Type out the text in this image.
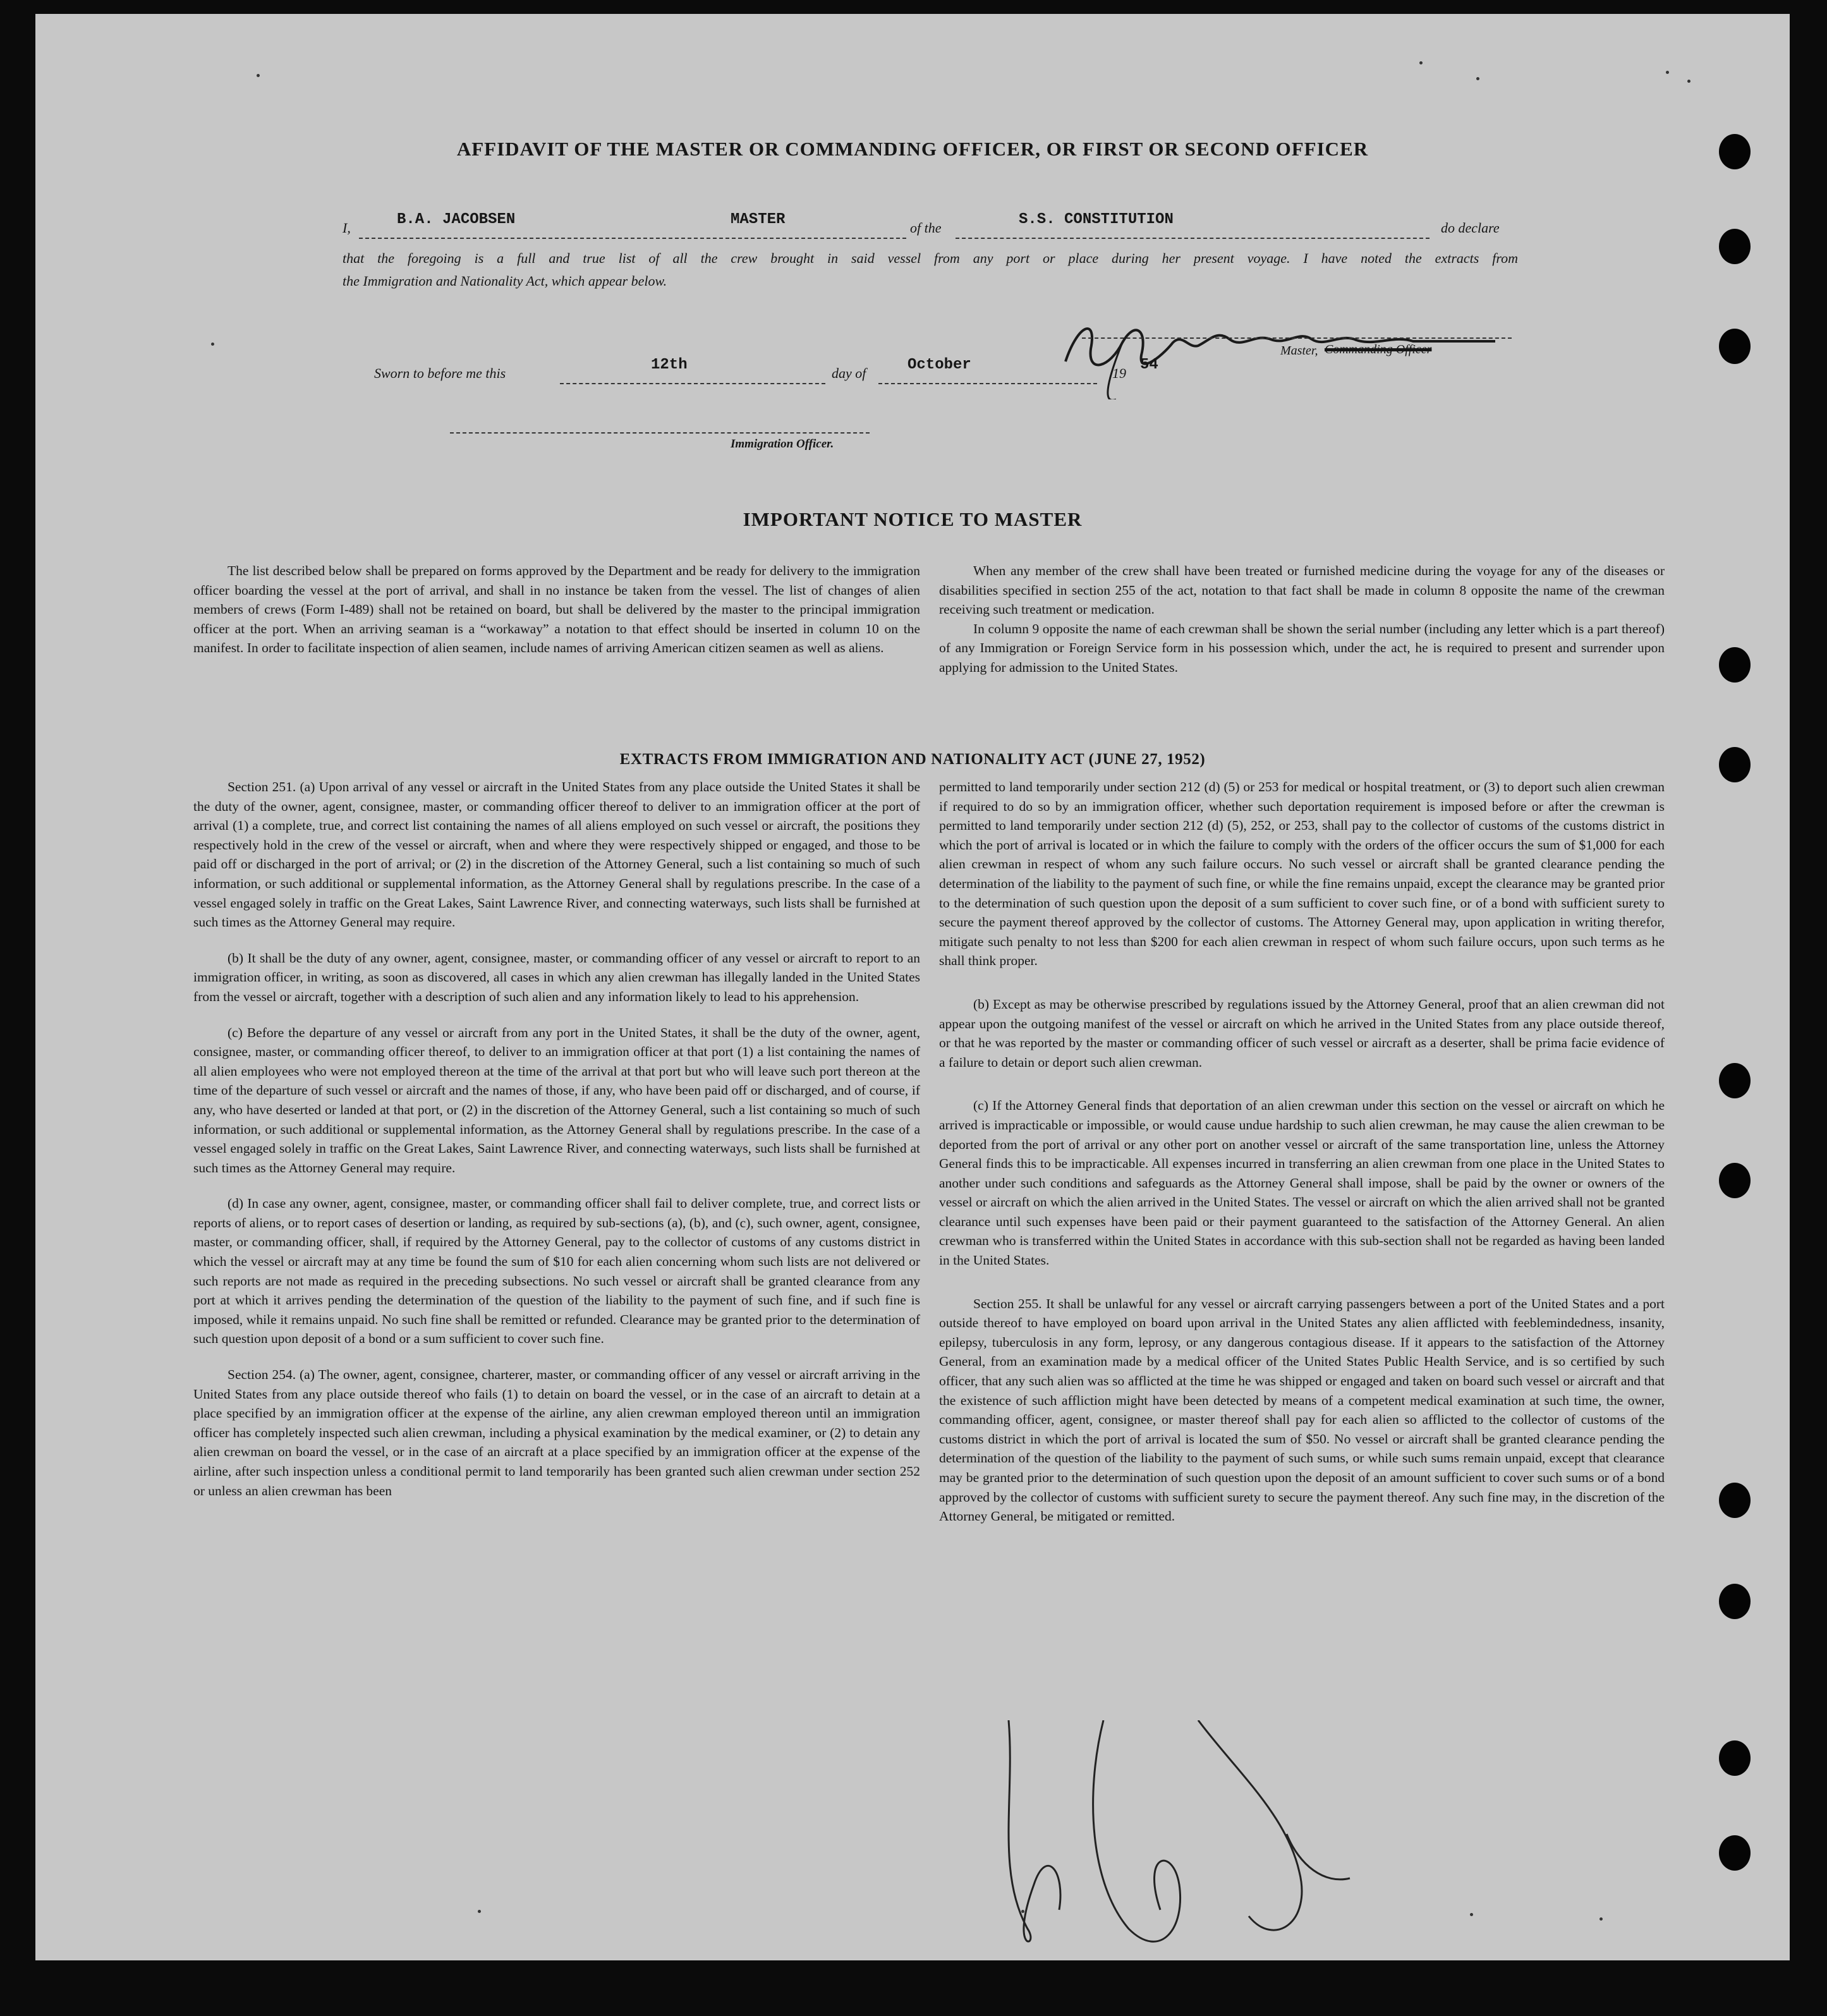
AFFIDAVIT OF THE MASTER OR COMMANDING OFFICER, OR FIRST OR SECOND OFFICER
I,	B.A. JACOBSEN	MASTER	of the	S.S. CONSTITUTION	do declare
that the foregoing is a full and true list of all the crew brought in said vessel from any port or place during her present voyage. I have noted the extracts from
the Immigration and Nationality Act, which appear below.
Master, Commanding Officer
Sworn to before me this	12th	day of	October	19 54
Immigration Officer.
IMPORTANT NOTICE TO MASTER

The list described below shall be prepared on forms approved by the Department and be ready for delivery to the immigration officer boarding the vessel at the port of arrival, and shall in no instance be taken from the vessel. The list of changes of alien members of crews (Form I-489) shall not be retained on board, but shall be delivered by the master to the principal immigration officer at the port. When an arriving seaman is a “workaway” a notation to that effect should be inserted in column 10 on the manifest. In order to facilitate inspection of alien seamen, include names of arriving American citizen seamen as well as aliens.

When any member of the crew shall have been treated or furnished medicine during the voyage for any of the diseases or disabilities specified in section 255 of the act, notation to that fact shall be made in column 8 opposite the name of the crewman receiving such treatment or medication.

In column 9 opposite the name of each crewman shall be shown the serial number (including any letter which is a part thereof) of any Immigration or Foreign Service form in his possession which, under the act, he is required to present and surrender upon applying for admission to the United States.

EXTRACTS FROM IMMIGRATION AND NATIONALITY ACT (JUNE 27, 1952)

Section 251. (a) Upon arrival of any vessel or aircraft in the United States from any place outside the United States it shall be the duty of the owner, agent, consignee, master, or commanding officer thereof to deliver to an immigration officer at the port of arrival (1) a complete, true, and correct list containing the names of all aliens employed on such vessel or aircraft, the positions they respectively hold in the crew of the vessel or aircraft, when and where they were respectively shipped or engaged, and those to be paid off or discharged in the port of arrival; or (2) in the discretion of the Attorney General, such a list containing so much of such information, or such additional or supplemental information, as the Attorney General shall by regulations prescribe. In the case of a vessel engaged solely in traffic on the Great Lakes, Saint Lawrence River, and connecting waterways, such lists shall be furnished at such times as the Attorney General may require.

(b) It shall be the duty of any owner, agent, consignee, master, or commanding officer of any vessel or aircraft to report to an immigration officer, in writing, as soon as discovered, all cases in which any alien crewman has illegally landed in the United States from the vessel or aircraft, together with a description of such alien and any information likely to lead to his apprehension.

(c) Before the departure of any vessel or aircraft from any port in the United States, it shall be the duty of the owner, agent, consignee, master, or commanding officer thereof, to deliver to an immigration officer at that port (1) a list containing the names of all alien employees who were not employed thereon at the time of the arrival at that port but who will leave such port thereon at the time of the departure of such vessel or aircraft and the names of those, if any, who have been paid off or discharged, and of course, if any, who have deserted or landed at that port, or (2) in the discretion of the Attorney General, such a list containing so much of such information, or such additional or supplemental information, as the Attorney General shall by regulations prescribe. In the case of a vessel engaged solely in traffic on the Great Lakes, Saint Lawrence River, and connecting waterways, such lists shall be furnished at such times as the Attorney General may require.

(d) In case any owner, agent, consignee, master, or commanding officer shall fail to deliver complete, true, and correct lists or reports of aliens, or to report cases of desertion or landing, as required by sub-sections (a), (b), and (c), such owner, agent, consignee, master, or commanding officer, shall, if required by the Attorney General, pay to the collector of customs of any customs district in which the vessel or aircraft may at any time be found the sum of $10 for each alien concerning whom such lists are not delivered or such reports are not made as required in the preceding subsections. No such vessel or aircraft shall be granted clearance from any port at which it arrives pending the determination of the question of the liability to the payment of such fine, and if such fine is imposed, while it remains unpaid. No such fine shall be remitted or refunded. Clearance may be granted prior to the determination of such question upon deposit of a bond or a sum sufficient to cover such fine.

Section 254. (a) The owner, agent, consignee, charterer, master, or commanding officer of any vessel or aircraft arriving in the United States from any place outside thereof who fails (1) to detain on board the vessel, or in the case of an aircraft to detain at a place specified by an immigration officer at the expense of the airline, any alien crewman employed thereon until an immigration officer has completely inspected such alien crewman, including a physical examination by the medical examiner, or (2) to detain any alien crewman on board the vessel, or in the case of an aircraft at a place specified by an immigration officer at the expense of the airline, after such inspection unless a conditional permit to land temporarily has been granted such alien crewman under section 252 or unless an alien crewman has been

permitted to land temporarily under section 212 (d) (5) or 253 for medical or hospital treatment, or (3) to deport such alien crewman if required to do so by an immigration officer, whether such deportation requirement is imposed before or after the crewman is permitted to land temporarily under section 212 (d) (5), 252, or 253, shall pay to the collector of customs of the customs district in which the port of arrival is located or in which the failure to comply with the orders of the officer occurs the sum of $1,000 for each alien crewman in respect of whom any such failure occurs. No such vessel or aircraft shall be granted clearance pending the determination of the liability to the payment of such fine, or while the fine remains unpaid, except the clearance may be granted prior to the determination of such question upon the deposit of a sum sufficient to cover such fine, or of a bond with sufficient surety to secure the payment thereof approved by the collector of customs. The Attorney General may, upon application in writing therefor, mitigate such penalty to not less than $200 for each alien crewman in respect of whom such failure occurs, upon such terms as he shall think proper.

(b) Except as may be otherwise prescribed by regulations issued by the Attorney General, proof that an alien crewman did not appear upon the outgoing manifest of the vessel or aircraft on which he arrived in the United States from any place outside thereof, or that he was reported by the master or commanding officer of such vessel or aircraft as a deserter, shall be prima facie evidence of a failure to detain or deport such alien crewman.

(c) If the Attorney General finds that deportation of an alien crewman under this section on the vessel or aircraft on which he arrived is impracticable or impossible, or would cause undue hardship to such alien crewman, he may cause the alien crewman to be deported from the port of arrival or any other port on another vessel or aircraft of the same transportation line, unless the Attorney General finds this to be impracticable. All expenses incurred in transferring an alien crewman from one place in the United States to another under such conditions and safeguards as the Attorney General shall impose, shall be paid by the owner or owners of the vessel or aircraft on which the alien arrived in the United States. The vessel or aircraft on which the alien arrived shall not be granted clearance until such expenses have been paid or their payment guaranteed to the satisfaction of the Attorney General. An alien crewman who is transferred within the United States in accordance with this sub-section shall not be regarded as having been landed in the United States.

Section 255. It shall be unlawful for any vessel or aircraft carrying passengers between a port of the United States and a port outside thereof to have employed on board upon arrival in the United States any alien afflicted with feeblemindedness, insanity, epilepsy, tuberculosis in any form, leprosy, or any dangerous contagious disease. If it appears to the satisfaction of the Attorney General, from an examination made by a medical officer of the United States Public Health Service, and is so certified by such officer, that any such alien was so afflicted at the time he was shipped or engaged and taken on board such vessel or aircraft and that the existence of such affliction might have been detected by means of a competent medical examination at such time, the owner, commanding officer, agent, consignee, or master thereof shall pay for each alien so afflicted to the collector of customs of the customs district in which the port of arrival is located the sum of $50. No vessel or aircraft shall be granted clearance pending the determination of the question of the liability to the payment of such sums, or while such sums remain unpaid, except that clearance may be granted prior to the determination of such question upon the deposit of an amount sufficient to cover such sums or of a bond approved by the collector of customs with sufficient surety to secure the payment thereof. Any such fine may, in the discretion of the Attorney General, be mitigated or remitted.
